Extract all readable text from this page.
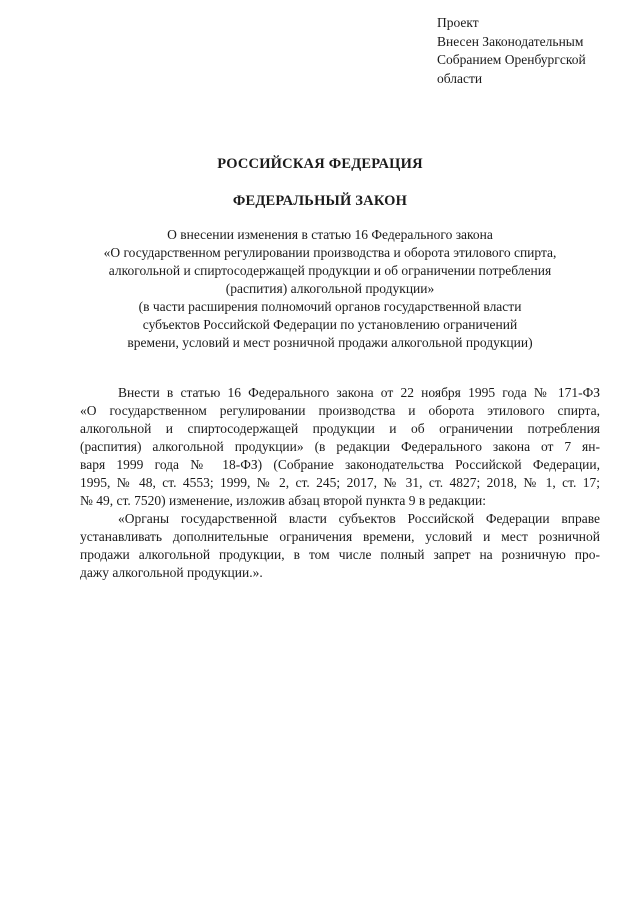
Проект
Внесен Законодательным
Собранием Оренбургской
области
РОССИЙСКАЯ ФЕДЕРАЦИЯ
ФЕДЕРАЛЬНЫЙ ЗАКОН
О внесении изменения в статью 16 Федерального закона
«О государственном регулировании производства и оборота этилового спирта,
алкогольной и спиртосодержащей продукции и об ограничении потребления
(распития) алкогольной продукции»
(в части расширения полномочий органов государственной власти
субъектов Российской Федерации по установлению ограничений
времени, условий и мест розничной продажи алкогольной продукции)
Внести в статью 16 Федерального закона от 22 ноября 1995 года № 171-ФЗ
«О государственном регулировании производства и оборота этилового спирта,
алкогольной и спиртосодержащей продукции и об ограничении потребления
(распития) алкогольной продукции» (в редакции Федерального закона от 7 ян-
варя 1999 года № 18-ФЗ) (Собрание законодательства Российской Федерации,
1995, № 48, ст. 4553; 1999, № 2, ст. 245; 2017, № 31, ст. 4827; 2018, № 1, ст. 17;
№ 49, ст. 7520) изменение, изложив абзац второй пункта 9 в редакции:
«Органы государственной власти субъектов Российской Федерации вправе
устанавливать дополнительные ограничения времени, условий и мест розничной
продажи алкогольной продукции, в том числе полный запрет на розничную про-
дажу алкогольной продукции.».
